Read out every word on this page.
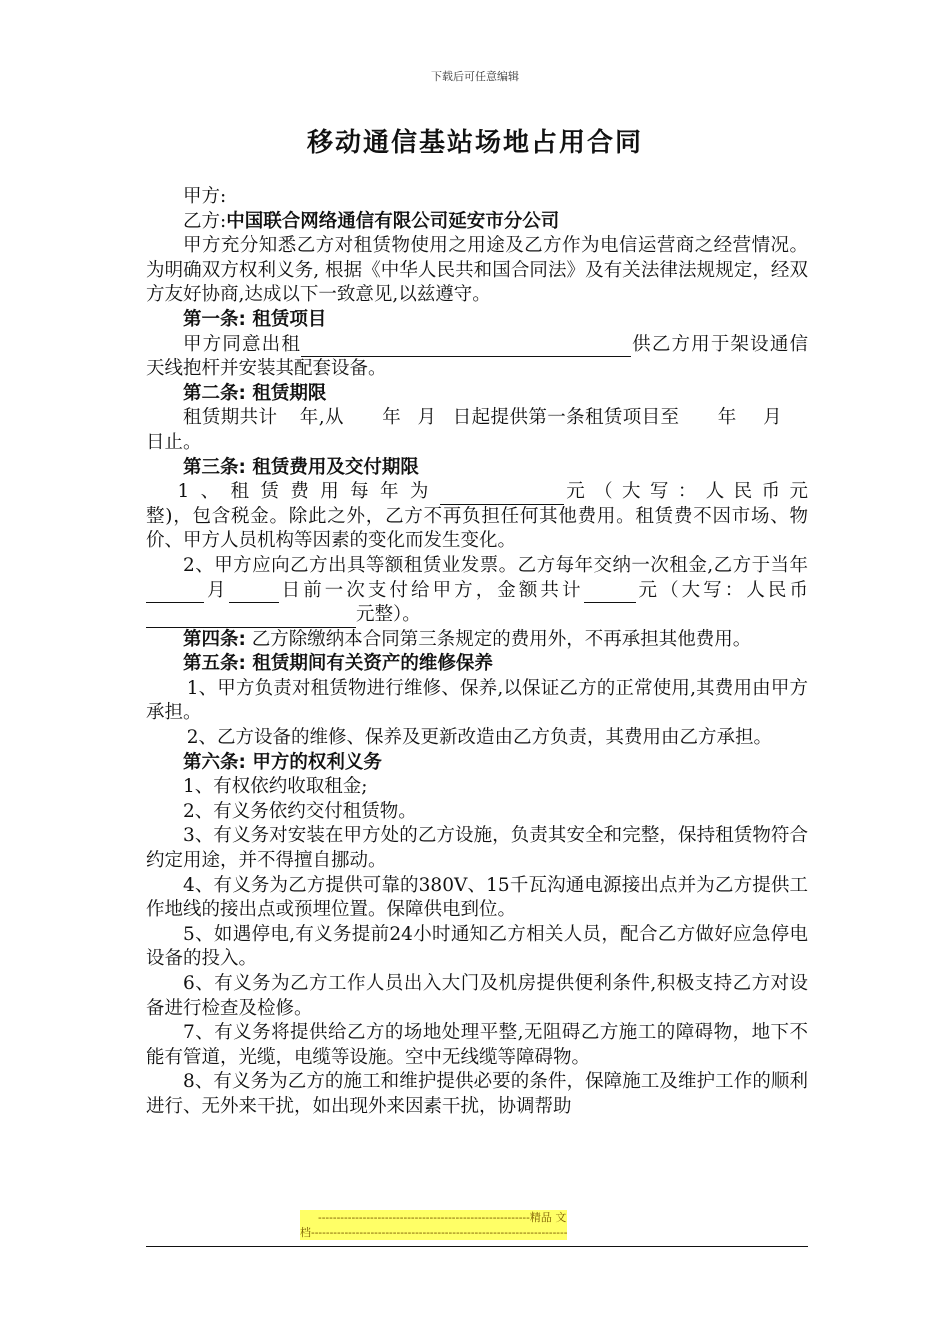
下载后可任意编辑
移动通信基站场地占用合同

甲方:

乙方:中国联合网络通信有限公司延安市分公司

甲方充分知悉乙方对租赁物使用之用途及乙方作为电信运营商之经营情况。为明确双方权利义务, 根据《中华人民共和国合同法》及有关法律法规规定，经双方友好协商,达成以下一致意见,以兹遵守。

第一条: 租赁项目

甲方同意出租	供乙方用于架设通信天线抱杆并安装其配套设备。

第二条: 租赁期限

租赁期共计 年,从 年 月 日起提供第一条租赁项目至 年 月日止。

第三条: 租赁费用及交付期限

1、租赁费用每年为	元（大写：人民币元整)，包含税金。除此之外，乙方不再负担任何其他费用。租赁费不因市场、物价、甲方人员机构等因素的变化而发生变化。

2、甲方应向乙方出具等额租赁业发票。乙方每年交纳一次租金,乙方于当年月	日前一次支付给甲方，金额共计	元（大写：人民币元整）。

第四条: 乙方除缴纳本合同第三条规定的费用外，不再承担其他费用。

第五条: 租赁期间有关资产的维修保养

1、甲方负责对租赁物进行维修、保养,以保证乙方的正常使用,其费用由甲方承担。

2、乙方设备的维修、保养及更新改造由乙方负责，其费用由乙方承担。

第六条: 甲方的权利义务

1、有权依约收取租金;

2、有义务依约交付租赁物。

3、有义务对安装在甲方处的乙方设施，负责其安全和完整，保持租赁物符合约定用途，并不得擅自挪动。

4、有义务为乙方提供可靠的380V、15千瓦沟通电源接出点并为乙方提供工作地线的接出点或预埋位置。保障供电到位。

5、如遇停电,有义务提前24小时通知乙方相关人员，配合乙方做好应急停电设备的投入。

6、有义务为乙方工作人员出入大门及机房提供便利条件,积极支持乙方对设备进行检查及检修。

7、有义务将提供给乙方的场地处理平整,无阻碍乙方施工的障碍物，地下不能有管道，光缆，电缆等设施。空中无线缆等障碍物。

8、有义务为乙方的施工和维护提供必要的条件，保障施工及维护工作的顺利进行、无外来干扰，如出现外来因素干扰，协调帮助

---------------------------------------------------------精品 文
档---------------------------------------------------------------------
